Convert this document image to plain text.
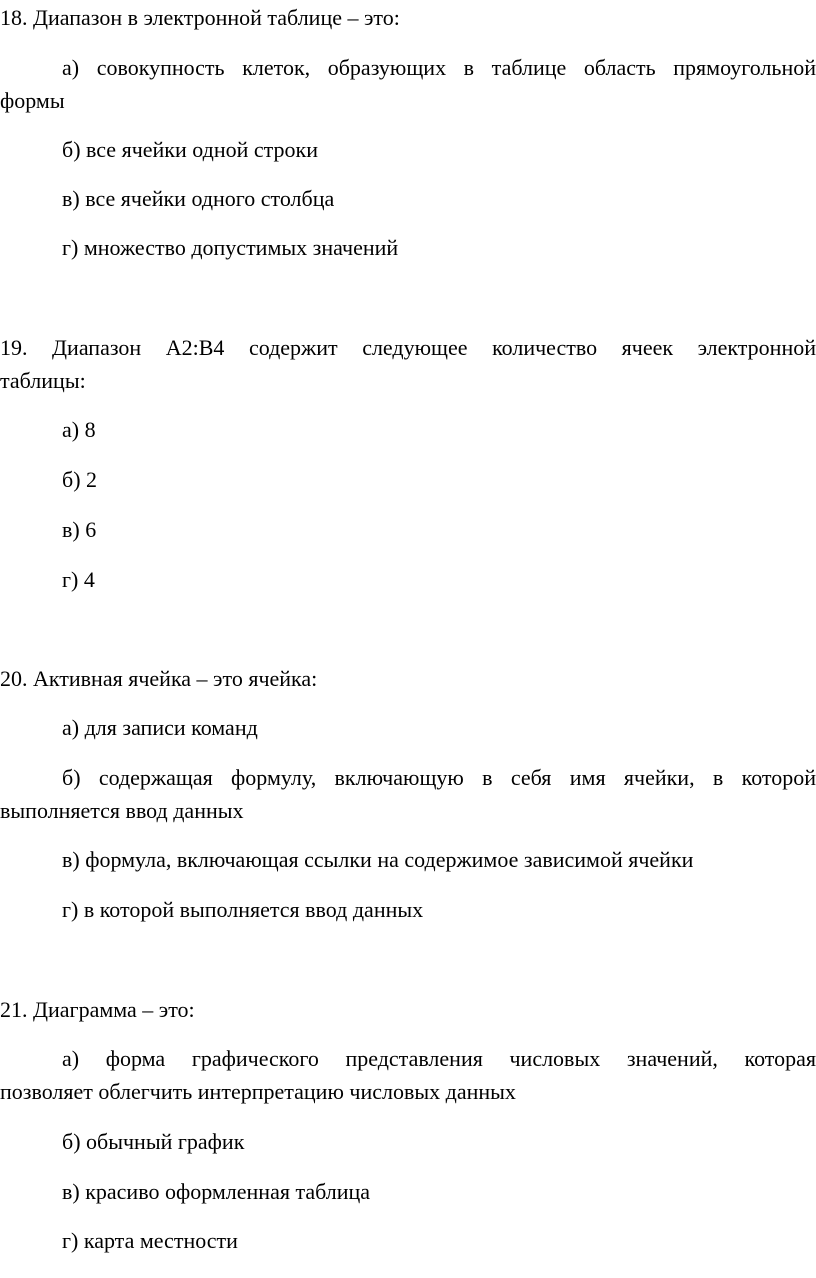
18. Диапазон в электронной таблице – это:

а) совокупность клеток, образующих в таблице область прямоугольной

формы

б) все ячейки одной строки

в) все ячейки одного столбца

г) множество допустимых значений

19. Диапазон А2:В4 содержит следующее количество ячеек электронной

таблицы:

а) 8

б) 2

в) 6

г) 4

20. Активная ячейка – это ячейка:

а) для записи команд

б) содержащая формулу, включающую в себя имя ячейки, в которой

выполняется ввод данных

в) формула, включающая ссылки на содержимое зависимой ячейки

г) в которой выполняется ввод данных

21. Диаграмма – это:

а) форма графического представления числовых значений, которая

позволяет облегчить интерпретацию числовых данных

б) обычный график

в) красиво оформленная таблица

г) карта местности
